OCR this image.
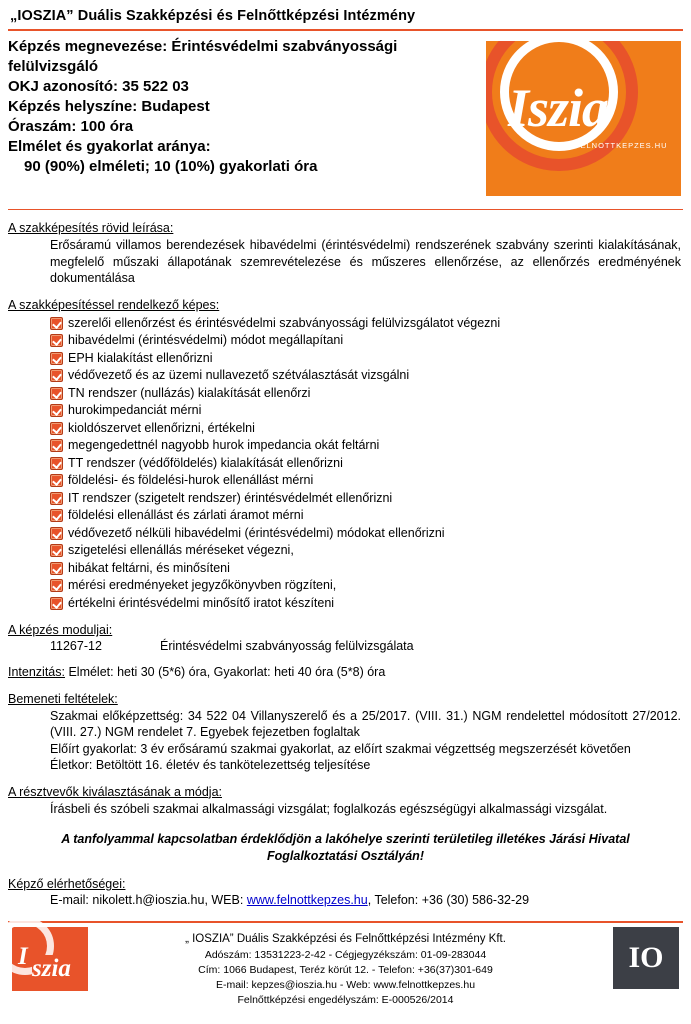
„IOSZIA” Duális Szakképzési és Felnőttképzési Intézmény
Képzés megnevezése: Érintésvédelmi szabványossági felülvizsgáló
OKJ azonosító: 35 522 03
Képzés helyszíne: Budapest
Óraszám: 100 óra
Elmélet és gyakorlat aránya:
90 (90%) elméleti; 10 (10%) gyakorlati óra
Iszia
WWW.FELNOTTKEPZES.HU
A szakképesítés rövid leírása:
Erősáramú villamos berendezések hibavédelmi (érintésvédelmi) rendszerének szabvány szerinti kialakításának, megfelelő műszaki állapotának szemrevételezése és műszeres ellenőrzése, az ellenőrzés eredményének dokumentálása
A szakképesítéssel rendelkező képes:
szerelői ellenőrzést és érintésvédelmi szabványossági felülvizsgálatot végezni
hibavédelmi (érintésvédelmi) módot megállapítani
EPH kialakítást ellenőrizni
védővezető és az üzemi nullavezető szétválasztását vizsgálni
TN rendszer (nullázás) kialakítását ellenőrzi
hurokimpedanciát mérni
kioldószervet ellenőrizni, értékelni
megengedettnél nagyobb hurok impedancia okát feltárni
TT rendszer (védőföldelés) kialakítását ellenőrizni
földelési- és földelési-hurok ellenállást mérni
IT rendszer (szigetelt rendszer) érintésvédelmét ellenőrizni
földelési ellenállást és zárlati áramot mérni
védővezető nélküli hibavédelmi (érintésvédelmi) módokat ellenőrizni
szigetelési ellenállás méréseket végezni,
hibákat feltárni, és minősíteni
mérési eredményeket jegyzőkönyvben rögzíteni,
értékelni érintésvédelmi minősítő iratot készíteni
A képzés moduljai:
11267-12	Érintésvédelmi szabványosság felülvizsgálata
Intenzitás: Elmélet: heti 30 (5*6) óra, Gyakorlat: heti 40 óra (5*8) óra
Bemeneti feltételek:
Szakmai előképzettség: 34 522 04 Villanyszerelő és a 25/2017. (VIII. 31.) NGM rendelettel módosított 27/2012. (VIII. 27.) NGM rendelet 7. Egyebek fejezetben foglaltak
Előírt gyakorlat: 3 év erősáramú szakmai gyakorlat, az előírt szakmai végzettség megszerzését követően
Életkor: Betöltött 16. életév és tankötelezettség teljesítése
A résztvevők kiválasztásának a módja:
Írásbeli és szóbeli szakmai alkalmassági vizsgálat; foglalkozás egészségügyi alkalmassági vizsgálat.
A tanfolyammal kapcsolatban érdeklődjön a lakóhelye szerinti területileg illetékes Járási Hivatal Foglalkoztatási Osztályán!
Képző elérhetőségei:
E-mail: nikolett.h@ioszia.hu, WEB: www.felnottkepzes.hu, Telefon: +36 (30) 586-32-29
I szia
„ IOSZIA” Duális Szakképzési és Felnőttképzési Intézmény Kft.
Adószám: 13531223-2-42 - Cégjegyzékszám: 01-09-283044
Cím: 1066 Budapest, Teréz körút 12. - Telefon: +36(37)301-649
E-mail: kepzes@ioszia.hu - Web: www.felnottkepzes.hu
Felnőttképzési engedélyszám: E-000526/2014
IO
